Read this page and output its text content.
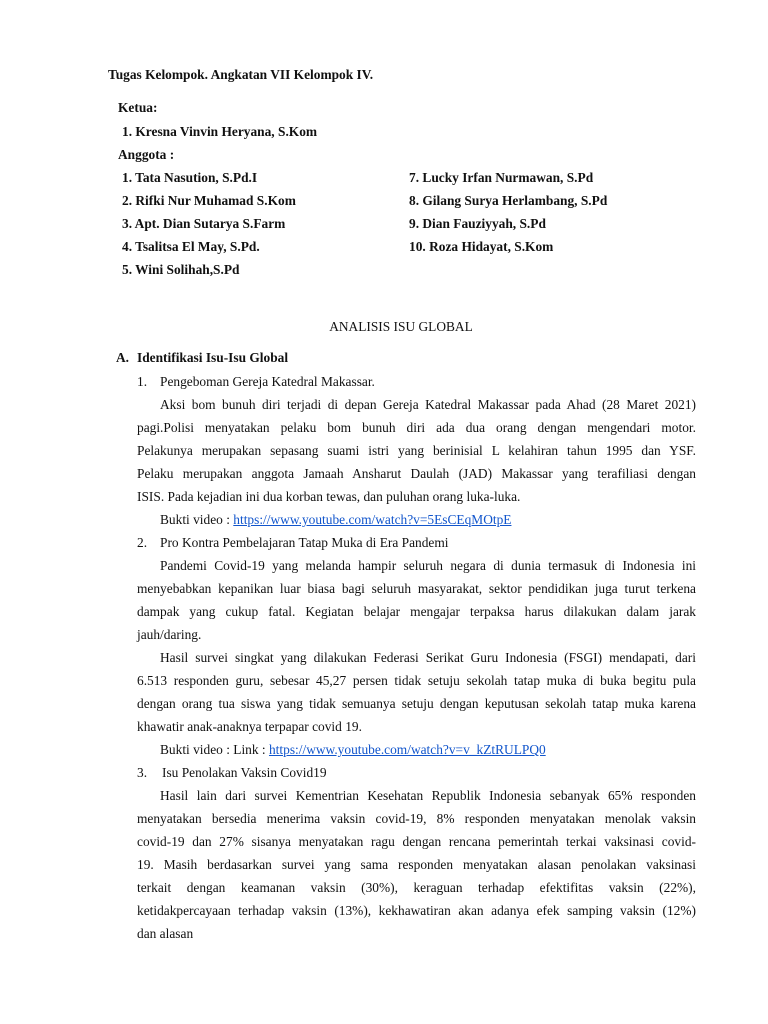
Tugas Kelompok. Angkatan VII Kelompok IV.
Ketua:
1. Kresna Vinvin Heryana, S.Kom
Anggota :
1. Tata Nasution, S.Pd.I
2. Rifki Nur Muhamad S.Kom
3. Apt. Dian Sutarya S.Farm
4. Tsalitsa El May, S.Pd.
5. Wini Solihah,S.Pd
7. Lucky Irfan Nurmawan, S.Pd
8. Gilang Surya Herlambang, S.Pd
9. Dian Fauziyyah, S.Pd
10. Roza Hidayat, S.Kom
ANALISIS ISU GLOBAL
A. Identifikasi Isu-Isu Global
1. Pengeboman Gereja Katedral Makassar.
Aksi bom bunuh diri terjadi di depan Gereja Katedral Makassar pada Ahad (28 Maret 2021)
pagi.Polisi menyatakan pelaku bom bunuh diri ada dua orang dengan mengendari motor.
Pelakunya merupakan sepasang suami istri yang berinisial L kelahiran tahun 1995 dan YSF.
Pelaku merupakan anggota Jamaah Ansharut Daulah (JAD) Makassar yang terafiliasi dengan
ISIS. Pada kejadian ini dua korban tewas, dan puluhan orang luka-luka.
Bukti video : https://www.youtube.com/watch?v=5EsCEqMOtpE
2. Pro Kontra Pembelajaran Tatap Muka di Era Pandemi
Pandemi Covid-19 yang melanda hampir seluruh negara di dunia termasuk di Indonesia ini
menyebabkan kepanikan luar biasa bagi seluruh masyarakat, sektor pendidikan juga turut terkena
dampak yang cukup fatal. Kegiatan belajar mengajar terpaksa harus dilakukan dalam jarak
jauh/daring.
Hasil survei singkat yang dilakukan Federasi Serikat Guru Indonesia (FSGI) mendapati, dari
6.513 responden guru, sebesar 45,27 persen tidak setuju sekolah tatap muka di buka begitu pula
dengan orang tua siswa yang tidak semuanya setuju dengan keputusan sekolah tatap muka karena
khawatir anak-anaknya terpapar covid 19.
Bukti video : Link : https://www.youtube.com/watch?v=v_kZtRULPQ0
3. Isu Penolakan Vaksin Covid19
Hasil lain dari survei Kementrian Kesehatan Republik Indonesia sebanyak 65% responden
menyatakan bersedia menerima vaksin covid-19, 8% responden menyatakan menolak vaksin
covid-19 dan 27% sisanya menyatakan ragu dengan rencana pemerintah terkai vaksinasi covid-
19. Masih berdasarkan survei yang sama responden menyatakan alasan penolakan vaksinasi
terkait dengan keamanan vaksin (30%), keraguan terhadap efektifitas vaksin (22%),
ketidakpercayaan terhadap vaksin (13%), kekhawatiran akan adanya efek samping vaksin (12%)
dan alasan
